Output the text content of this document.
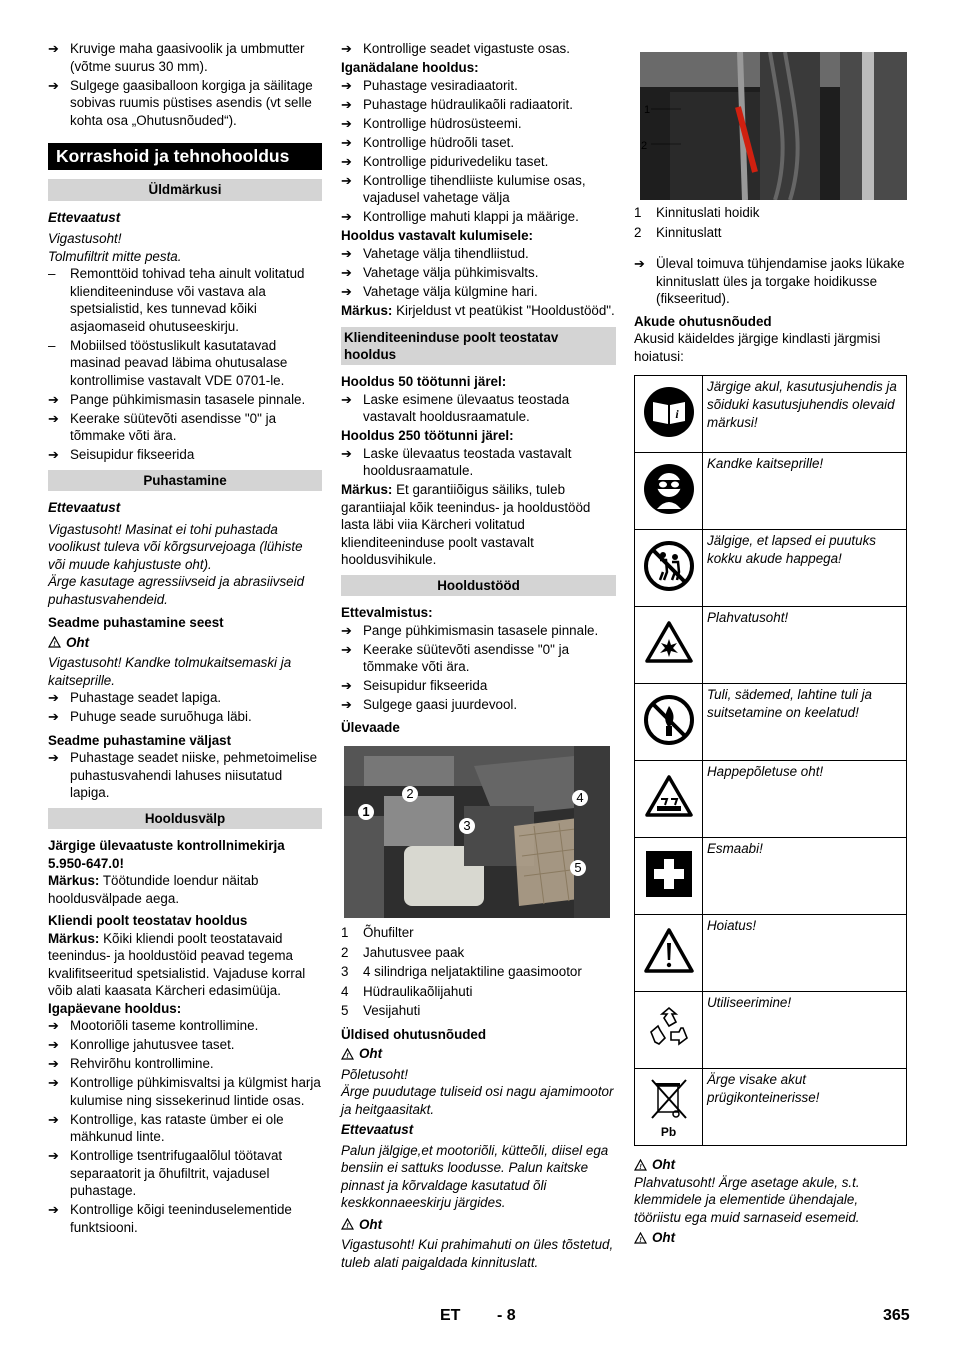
➔ Kruvige maha gaasivoolik ja umbmutter (võtme suurus 30 mm).
➔ Sulgege gaasiballoon korgiga ja säilitage sobivas ruumis püstises asendis (vt selle kohta osa „Ohutusnõuded“).
Korrashoid ja tehnohooldus
Üldmärkusi
Ettevaatust
Vigastusoht!
Tolmufiltrit mitte pesta.
–	Remonttöid tohivad teha ainult volitatud klienditeeninduse või vastava ala spetsialistid, kes tunnevad kõiki asjaomaseid ohutuseeskirju.
–	Mobiilsed tööstuslikult kasutatavad masinad peavad läbima ohutusalase kontrollimise vastavalt VDE 0701-le.
➔ Pange pühkimismasin tasasele pinnale.
➔ Keerake süütevõti asendisse "0" ja tõmmake võti ära.
➔ Seisupidur fikseerida
Puhastamine
Ettevaatust
Vigastusoht! Masinat ei tohi puhastada voolikust tuleva või kõrgsurvejoaga (lühiste või muude kahjustuste oht).
Ärge kasutage agressiivseid ja abrasiivseid puhastusvahendeid.
Seadme puhastamine seest
! Oht
Vigastusoht! Kandke tolmukaitsemaski ja kaitseprille.
➔ Puhastage seadet lapiga.
➔ Puhuge seade suruõhuga läbi.
Seadme puhastamine väljast
➔ Puhastage seadet niiske, pehmetoimelise puhastusvahendi lahuses niisutatud lapiga.
Hooldusvälp
Järgige ülevaatuste kontrollnimekirja 5.950-647.0!
Märkus: Töötundide loendur näitab hooldusvälpade aega.
Kliendi poolt teostatav hooldus
Märkus: Kõiki kliendi poolt teostatavaid teenindus- ja hooldustöid peavad tegema kvalifitseeritud spetsialistid. Vajaduse korral võib alati kaasata Kärcheri edasimüüja.
Igapäevane hooldus:
➔ Mootoriõli taseme kontrollimine.
➔ Konrollige jahutusvee taset.
➔ Rehvirõhu kontrollimine.
➔ Kontrollige pühkimisvaltsi ja külgmist harja kulumise ning sissekerinud lintide osas.
➔ Kontrollige, kas rataste ümber ei ole mähkunud linte.
➔ Kontrollige tsentrifugaalõlul töötavat separaatorit ja õhufiltrit, vajadusel puhastage.
➔ Kontrollige kõigi teeninduselementide funktsiooni.
➔ Kontrollige seadet vigastuste osas.
Iganädalane hooldus:
➔ Puhastage vesiradiaatorit.
➔ Puhastage hüdraulikaõli radiaatorit.
➔ Kontrollige hüdrosüsteemi.
➔ Kontrollige hüdroõli taset.
➔ Kontrollige pidurivedeliku taset.
➔ Kontrollige tihendliiste kulumise osas, vajadusel vahetage välja
➔ Kontrollige mahuti klappi ja määrige.
Hooldus vastavalt kulumisele:
➔ Vahetage välja tihendliistud.
➔ Vahetage välja pühkimisvalts.
➔ Vahetage välja külgmine hari.
Märkus: Kirjeldust vt peatükist "Hooldustööd".
Klienditeeninduse poolt teostatav hooldus
Hooldus 50 töötunni järel:
➔ Laske esimene ülevaatus teostada vastavalt hooldusraamatule.
Hooldus 250 töötunni järel:
➔ Laske ülevaatus teostada vastavalt hooldusraamatule.
Märkus: Et garantiiõigus säiliks, tuleb garantiiajal kõik teenindus- ja hooldustööd lasta läbi viia Kärcheri volitatud klienditeeninduse poolt vastavalt hooldusvihikule.
Hooldustööd
Ettevalmistus:
➔ Pange pühkimismasin tasasele pinnale.
➔ Keerake süütevõti asendisse "0" ja tõmmake võti ära.
➔ Seisupidur fikseerida
➔ Sulgege gaasi juurdevool.
Ülevaade
1
2
3
4
5
1	Õhufilter
2	Jahutusvee paak
3	4 silindriga neljataktiline gaasimootor
4	Hüdraulikaõlijahuti
5	Vesijahuti
Üldised ohutusnõuded
! Oht
Põletusoht!
Ärge puudutage tuliseid osi nagu ajamimootor ja heitgaasitakt.
Ettevaatust
Palun jälgige,et mootoriõli, kütteõli, diisel ega bensiin ei sattuks loodusse. Palun kaitske pinnast ja kõrvaldage kasutatud õli keskkonnaeeskirju järgides.
! Oht
Vigastusoht! Kui prahimahuti on üles tõstetud, tuleb alati paigaldada kinnituslatt.
1
2
1	Kinnituslati hoidik
2	Kinnituslatt
➔ Üleval toimuva tühjendamise jaoks lükake kinnituslatt üles ja torgake hoidikusse (fikseeritud).
Akude ohutusnõuded
Akusid käideldes järgige kindlasti järgmisi hoiatusi:
i	Järgige akul, kasutusjuhendis ja sõiduki kasutusjuhendis olevaid märkusi!
	Kandke kaitseprille!
	Jälgige, et lapsed ei puutuks kokku akude happega!
	Plahvatusoht!
	Tuli, sädemed, lahtine tuli ja suitsetamine on keelatud!
	Happepõletuse oht!
	Esmaabi!
	Hoiatus!
	Utiliseerimine!

Pb	Ärge visake akut prügikonteinerisse!
! Oht
Plahvatusoht! Ärge asetage akule, s.t. klemmidele ja elementide ühendajale, tööriistu ega muid sarnaseid esemeid.
! Oht
ET - 8	365
